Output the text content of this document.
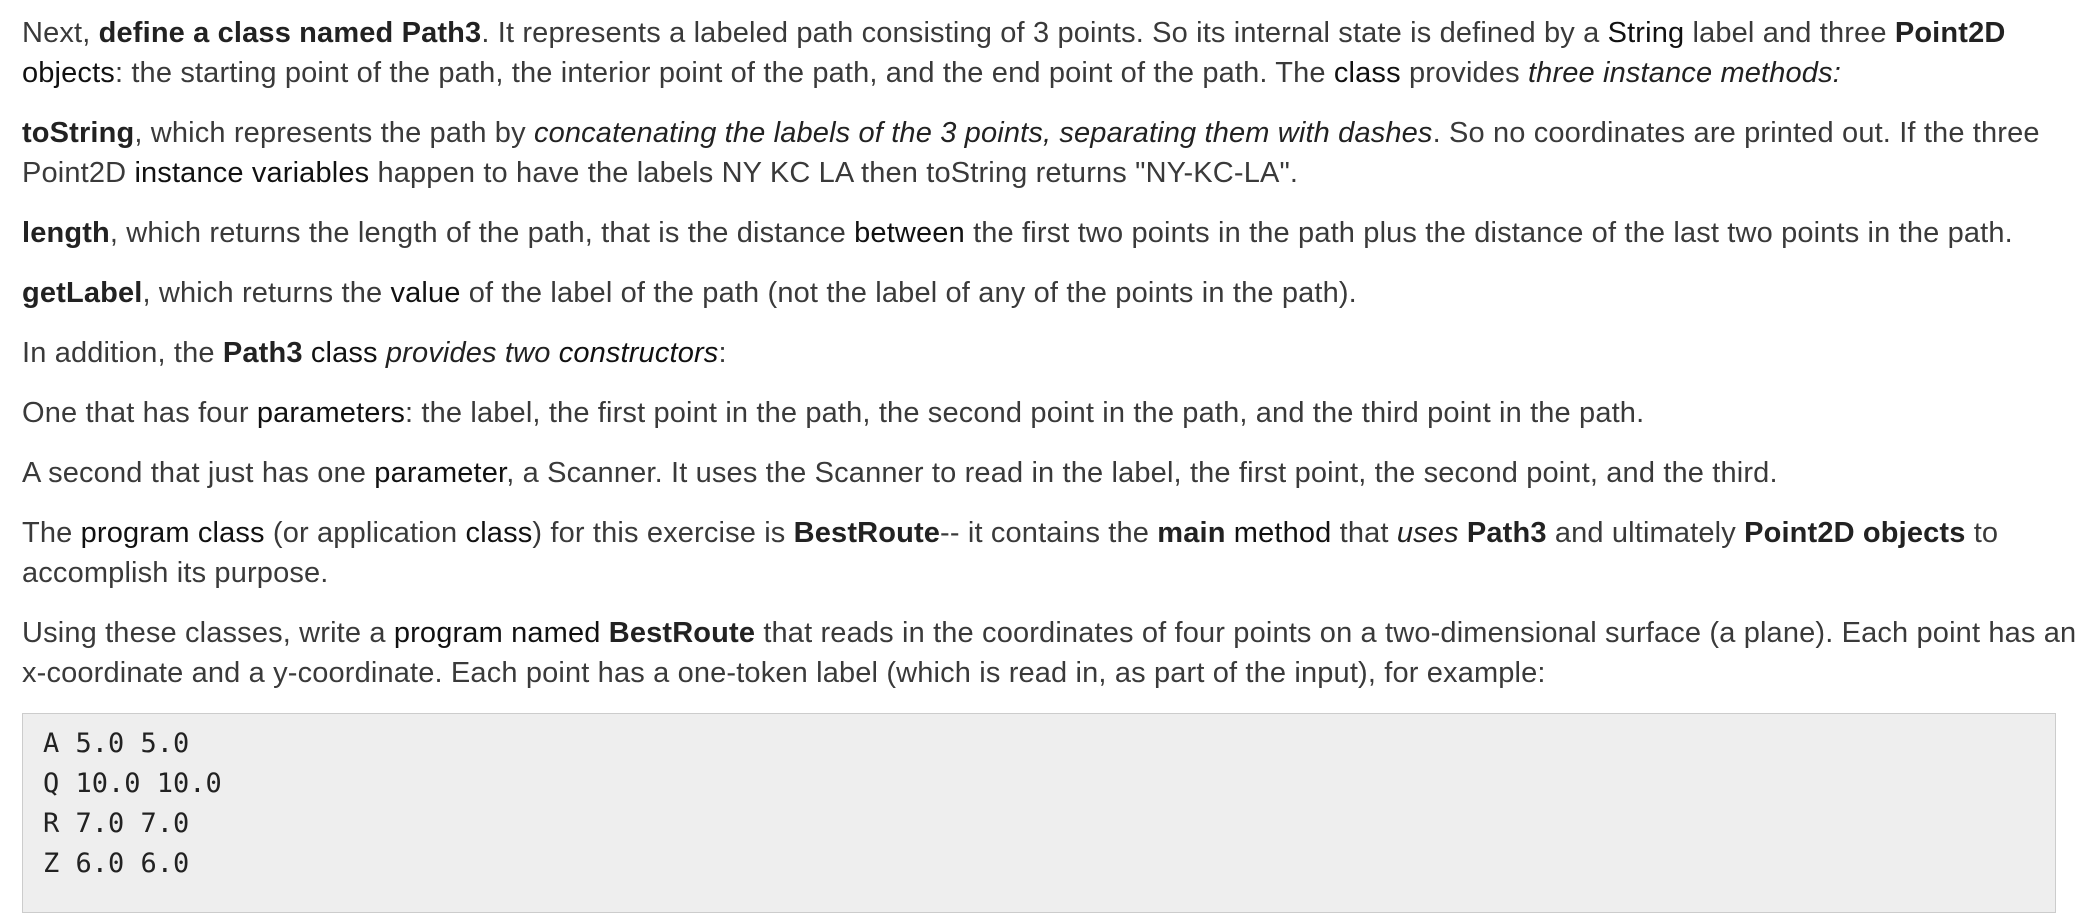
Next, define a class named Path3. It represents a labeled path consisting of 3 points. So its internal state is defined by a String label and three Point2D objects: the starting point of the path, the interior point of the path, and the end point of the path. The class provides three instance methods:

toString, which represents the path by concatenating the labels of the 3 points, separating them with dashes. So no coordinates are printed out. If the three Point2D instance variables happen to have the labels NY KC LA then toString returns "NY-KC-LA".

length, which returns the length of the path, that is the distance between the first two points in the path plus the distance of the last two points in the path.

getLabel, which returns the value of the label of the path (not the label of any of the points in the path).

In addition, the Path3 class provides two constructors:

One that has four parameters: the label, the first point in the path, the second point in the path, and the third point in the path.

A second that just has one parameter, a Scanner. It uses the Scanner to read in the label, the first point, the second point, and the third.

The program class (or application class) for this exercise is BestRoute-- it contains the main method that uses Path3 and ultimately Point2D objects to accomplish its purpose.

Using these classes, write a program named BestRoute that reads in the coordinates of four points on a two-dimensional surface (a plane). Each point has an x-coordinate and a y-coordinate. Each point has a one-token label (which is read in, as part of the input), for example:

A 5.0 5.0
Q 10.0 10.0
R 7.0 7.0
Z 6.0 6.0
